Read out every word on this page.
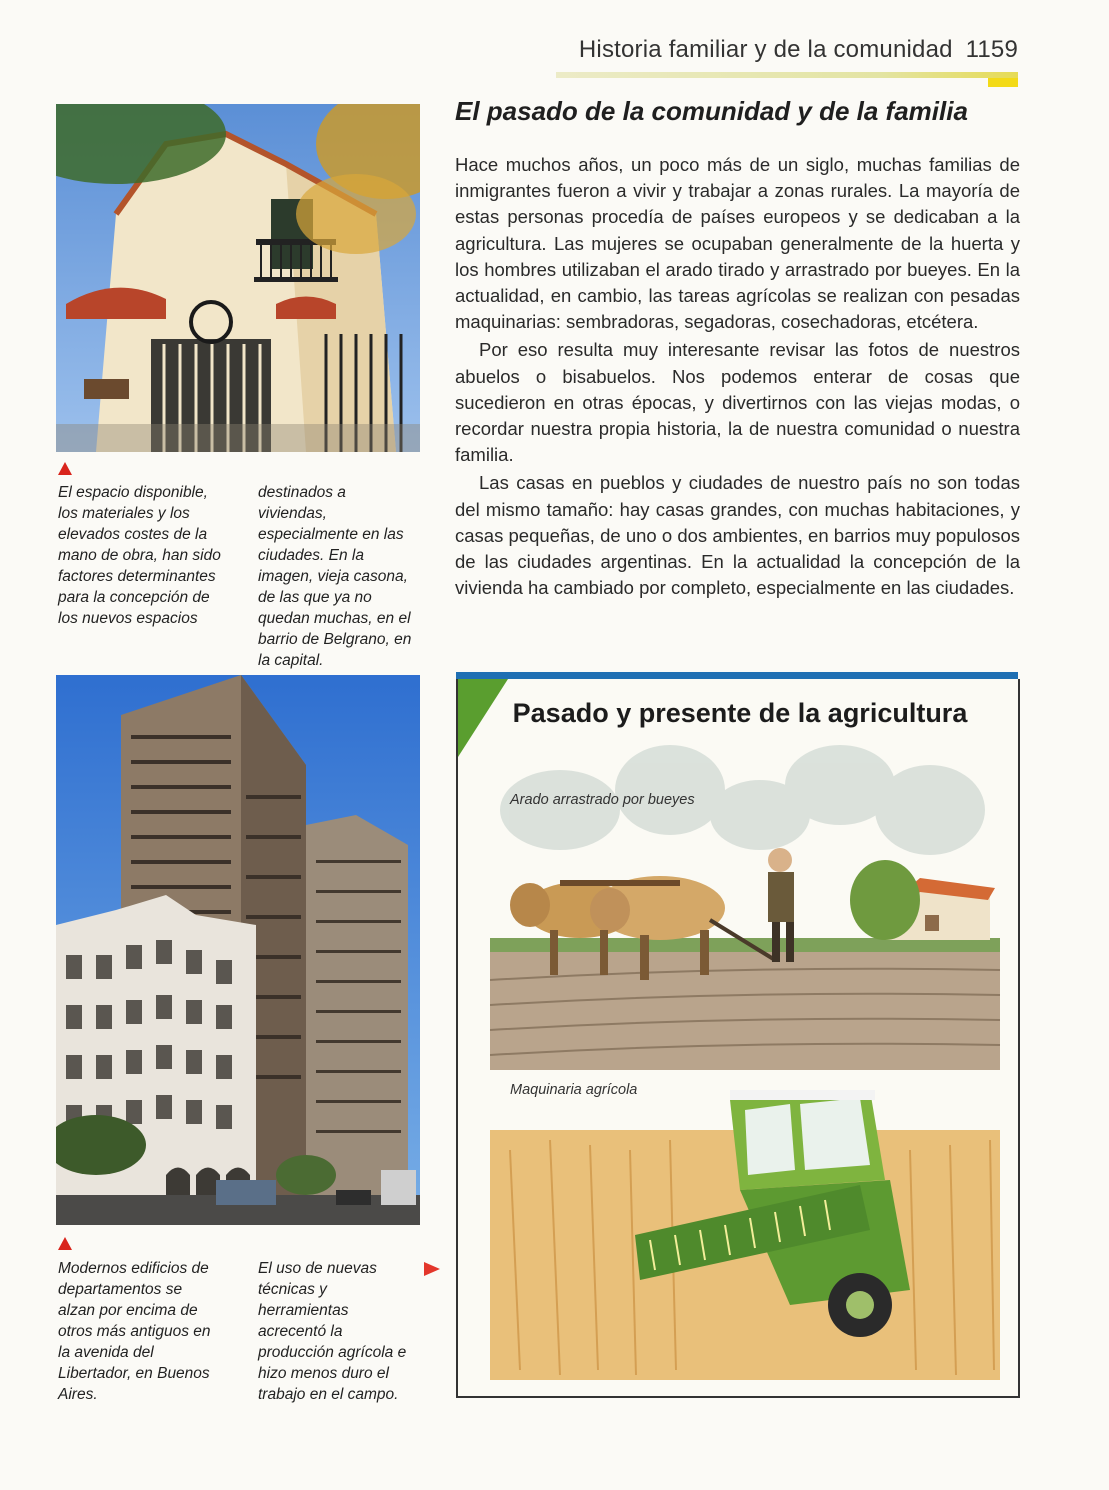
Historia familiar y de la comunidad 1159
El pasado de la comunidad y de la familia

Hace muchos años, un poco más de un siglo, muchas familias de inmigrantes fueron a vivir y trabajar a zonas rurales. La mayoría de estas personas procedía de países europeos y se dedicaban a la agricultura. Las mujeres se ocupaban generalmente de la huerta y los hombres utilizaban el arado tirado y arrastrado por bueyes. En la actualidad, en cambio, las tareas agrícolas se realizan con pesadas maquinarias: sembradoras, segadoras, cosechadoras, etcétera.

Por eso resulta muy interesante revisar las fotos de nuestros abuelos o bisabuelos. Nos podemos enterar de cosas que sucedieron en otras épocas, y divertirnos con las viejas modas, o recordar nuestra propia historia, la de nuestra comunidad o nuestra familia.

Las casas en pueblos y ciudades de nuestro país no son todas del mismo tamaño: hay casas grandes, con muchas habitaciones, y casas pequeñas, de uno o dos ambientes, en barrios muy populosos de las ciudades argentinas. En la actualidad la concepción de la vivienda ha cambiado por completo, especialmente en las ciudades.

El espacio disponible, los materiales y los elevados costes de la mano de obra, han sido factores determinantes para la concepción de los nuevos espacios
destinados a viviendas, especialmente en las ciudades. En la imagen, vieja casona, de las que ya no quedan muchas, en el barrio de Belgrano, en la capital.
Modernos edificios de departamentos se alzan por encima de otros más antiguos en la avenida del Libertador, en Buenos Aires.
El uso de nuevas técnicas y herramientas acrecentó la producción agrícola e hizo menos duro el trabajo en el campo.
Pasado y presente de la agricultura
Arado arrastrado por bueyes
Maquinaria agrícola
